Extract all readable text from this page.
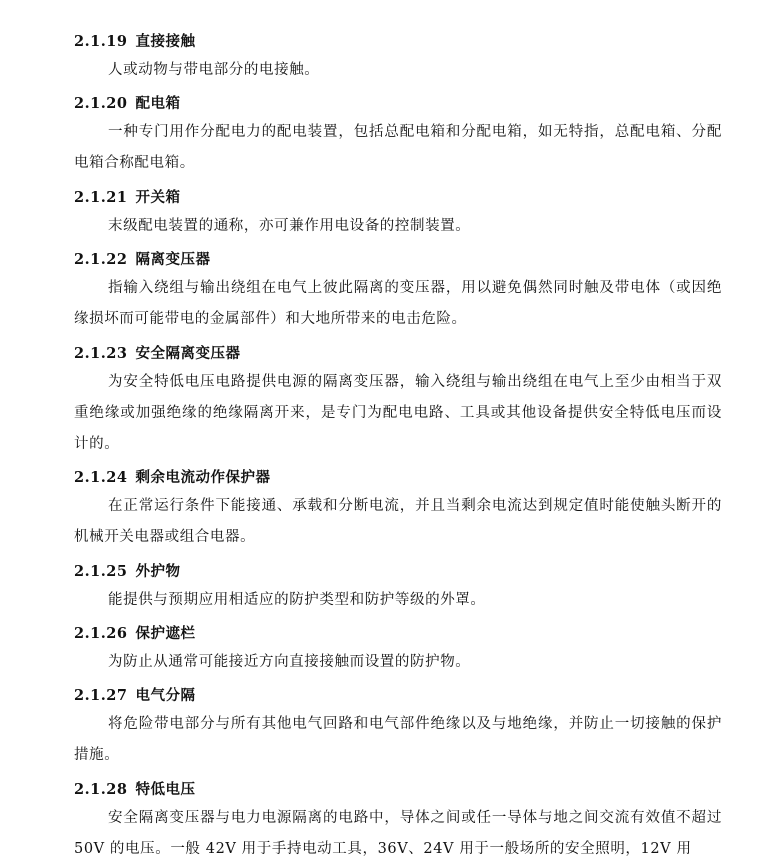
2.1.19 直接接触
人或动物与带电部分的电接触。
2.1.20 配电箱
一种专门用作分配电力的配电装置，包括总配电箱和分配电箱，如无特指，总配电箱、分配电箱合称配电箱。
2.1.21 开关箱
末级配电装置的通称，亦可兼作用电设备的控制装置。
2.1.22 隔离变压器
指输入绕组与输出绕组在电气上彼此隔离的变压器，用以避免偶然同时触及带电体（或因绝缘损坏而可能带电的金属部件）和大地所带来的电击危险。
2.1.23 安全隔离变压器
为安全特低电压电路提供电源的隔离变压器，输入绕组与输出绕组在电气上至少由相当于双重绝缘或加强绝缘的绝缘隔离开来，是专门为配电电路、工具或其他设备提供安全特低电压而设计的。
2.1.24 剩余电流动作保护器
在正常运行条件下能接通、承载和分断电流，并且当剩余电流达到规定值时能使触头断开的机械开关电器或组合电器。
2.1.25 外护物
能提供与预期应用相适应的防护类型和防护等级的外罩。
2.1.26 保护遮栏
为防止从通常可能接近方向直接接触而设置的防护物。
2.1.27 电气分隔
将危险带电部分与所有其他电气回路和电气部件绝缘以及与地绝缘，并防止一切接触的保护措施。
2.1.28 特低电压
安全隔离变压器与电力电源隔离的电路中，导体之间或任一导体与地之间交流有效值不超过 50V 的电压。一般 42V 用于手持电动工具，36V、24V 用于一般场所的安全照明，12V 用
